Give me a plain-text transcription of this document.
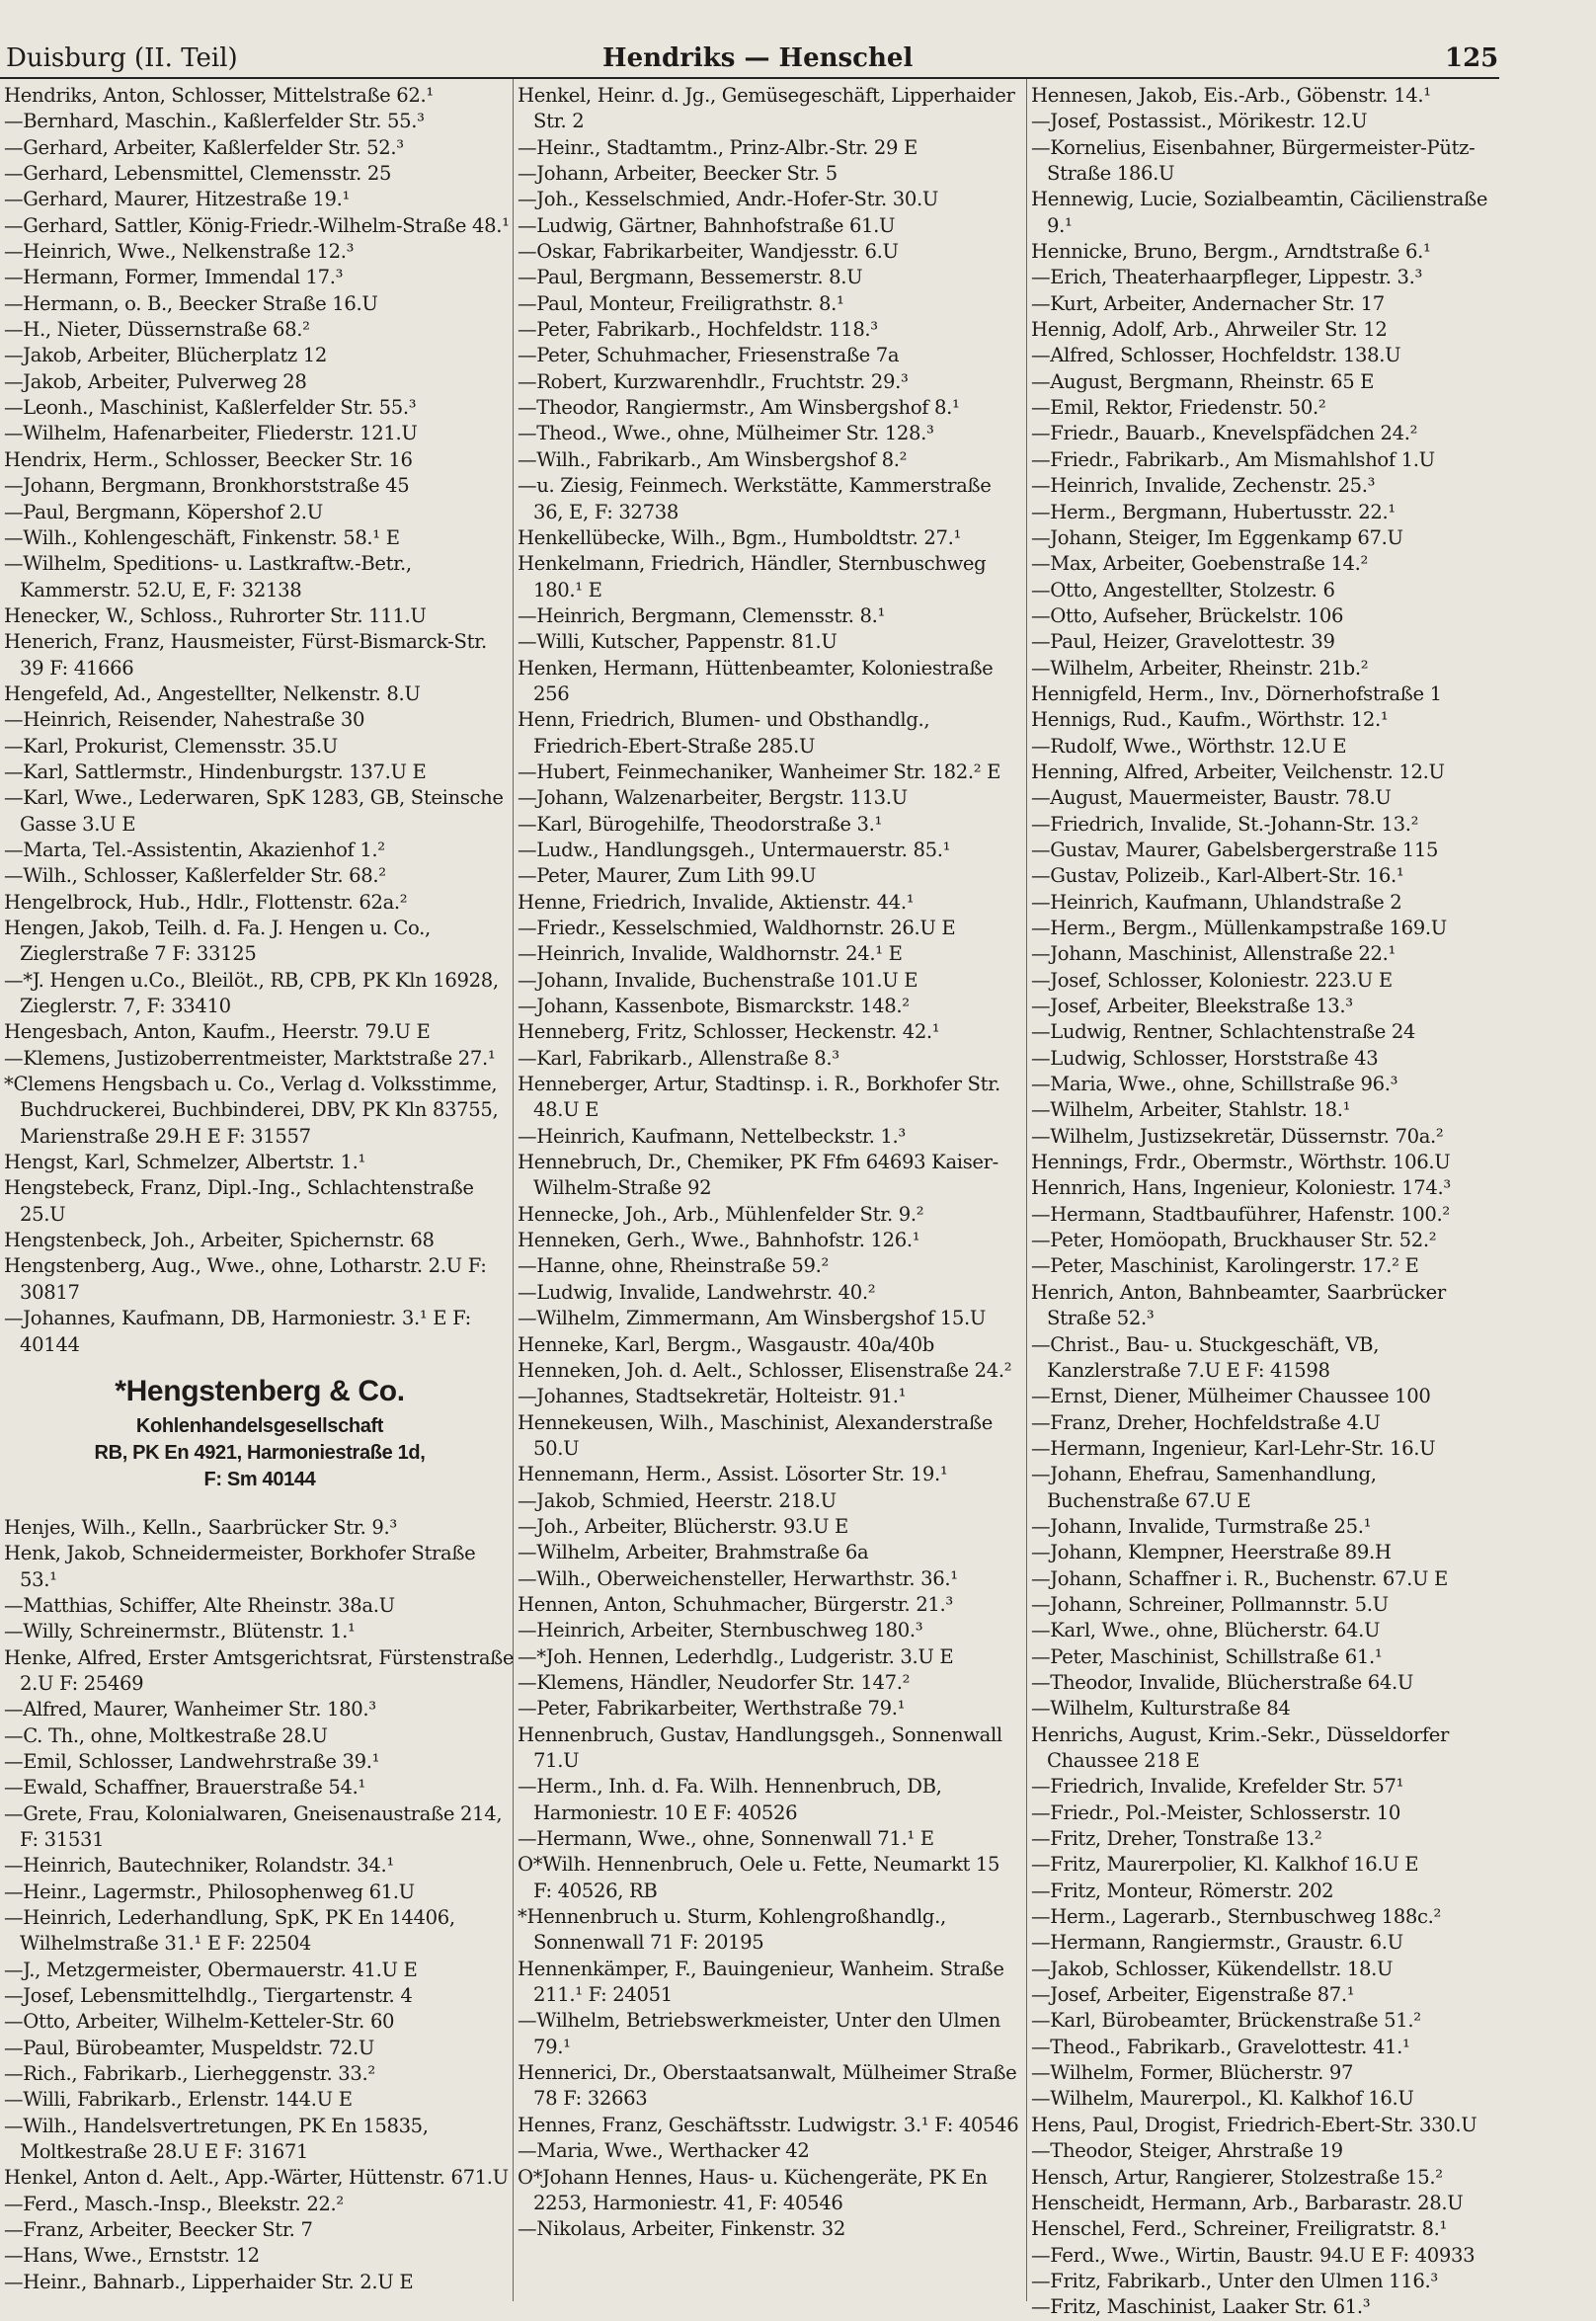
Duisburg (II. Teil)	Hendriks — Henschel	125
Hendriks, Anton, Schlosser, Mittelstraße 62.¹
—Bernhard, Maschin., Kaßlerfelder Str. 55.³
—Gerhard, Arbeiter, Kaßlerfelder Str. 52.³
—Gerhard, Lebensmittel, Clemensstr. 25
—Gerhard, Maurer, Hitzestraße 19.¹
—Gerhard, Sattler, König-Friedr.-Wilhelm-Straße 48.¹
—Heinrich, Wwe., Nelkenstraße 12.³
—Hermann, Former, Immendal 17.³
—Hermann, o. B., Beecker Straße 16.U
—H., Nieter, Düssernstraße 68.²
—Jakob, Arbeiter, Blücherplatz 12
—Jakob, Arbeiter, Pulverweg 28
—Leonh., Maschinist, Kaßlerfelder Str. 55.³
—Wilhelm, Hafenarbeiter, Fliederstr. 121.U
Hendrix, Herm., Schlosser, Beecker Str. 16
—Johann, Bergmann, Bronkhorststraße 45
—Paul, Bergmann, Köpershof 2.U
—Wilh., Kohlengeschäft, Finkenstr. 58.¹ E
—Wilhelm, Speditions- u. Lastkraftw.-Betr., Kammerstr. 52.U, E, F: 32138
Henecker, W., Schloss., Ruhrorter Str. 111.U
Henerich, Franz, Hausmeister, Fürst-Bismarck-Str. 39 F: 41666
Hengefeld, Ad., Angestellter, Nelkenstr. 8.U
—Heinrich, Reisender, Nahestraße 30
—Karl, Prokurist, Clemensstr. 35.U
—Karl, Sattlermstr., Hindenburgstr. 137.U E
—Karl, Wwe., Lederwaren, SpK 1283, GB, Steinsche Gasse 3.U E
—Marta, Tel.-Assistentin, Akazienhof 1.²
—Wilh., Schlosser, Kaßlerfelder Str. 68.²
Hengelbrock, Hub., Hdlr., Flottenstr. 62a.²
Hengen, Jakob, Teilh. d. Fa. J. Hengen u. Co., Zieglerstraße 7 F: 33125
—*J. Hengen u.Co., Bleilöt., RB, CPB, PK Kln 16928, Zieglerstr. 7, F: 33410
Hengesbach, Anton, Kaufm., Heerstr. 79.U E
—Klemens, Justizoberrentmeister, Marktstraße 27.¹
*Clemens Hengsbach u. Co., Verlag d. Volksstimme, Buchdruckerei, Buchbinderei, DBV, PK Kln 83755, Marienstraße 29.H E F: 31557
Hengst, Karl, Schmelzer, Albertstr. 1.¹
Hengstebeck, Franz, Dipl.-Ing., Schlachtenstraße 25.U
Hengstenbeck, Joh., Arbeiter, Spichernstr. 68
Hengstenberg, Aug., Wwe., ohne, Lotharstr. 2.U F: 30817
—Johannes, Kaufmann, DB, Harmoniestr. 3.¹ E F: 40144
*Hengstenberg & Co.
Kohlenhandelsgesellschaft
RB, PK En 4921, Harmoniestraße 1d,
F: Sm 40144
Henjes, Wilh., Kelln., Saarbrücker Str. 9.³
Henk, Jakob, Schneidermeister, Borkhofer Straße 53.¹
—Matthias, Schiffer, Alte Rheinstr. 38a.U
—Willy, Schreinermstr., Blütenstr. 1.¹
Henke, Alfred, Erster Amtsgerichtsrat, Fürstenstraße 2.U F: 25469
—Alfred, Maurer, Wanheimer Str. 180.³
—C. Th., ohne, Moltkestraße 28.U
—Emil, Schlosser, Landwehrstraße 39.¹
—Ewald, Schaffner, Brauerstraße 54.¹
—Grete, Frau, Kolonialwaren, Gneisenaustraße 214, F: 31531
—Heinrich, Bautechniker, Rolandstr. 34.¹
—Heinr., Lagermstr., Philosophenweg 61.U
—Heinrich, Lederhandlung, SpK, PK En 14406, Wilhelmstraße 31.¹ E F: 22504
—J., Metzgermeister, Obermauerstr. 41.U E
—Josef, Lebensmittelhdlg., Tiergartenstr. 4
—Otto, Arbeiter, Wilhelm-Ketteler-Str. 60
—Paul, Bürobeamter, Muspeldstr. 72.U
—Rich., Fabrikarb., Lierheggenstr. 33.²
—Willi, Fabrikarb., Erlenstr. 144.U E
—Wilh., Handelsvertretungen, PK En 15835, Moltkestraße 28.U E F: 31671
Henkel, Anton d. Aelt., App.-Wärter, Hüttenstr. 671.U
—Ferd., Masch.-Insp., Bleekstr. 22.²
—Franz, Arbeiter, Beecker Str. 7
—Hans, Wwe., Ernststr. 12
—Heinr., Bahnarb., Lipperhaider Str. 2.U E
Henkel, Heinr. d. Jg., Gemüsegeschäft, Lipperhaider Str. 2
—Heinr., Stadtamtm., Prinz-Albr.-Str. 29 E
—Johann, Arbeiter, Beecker Str. 5
—Joh., Kesselschmied, Andr.-Hofer-Str. 30.U
—Ludwig, Gärtner, Bahnhofstraße 61.U
—Oskar, Fabrikarbeiter, Wandjesstr. 6.U
—Paul, Bergmann, Bessemerstr. 8.U
—Paul, Monteur, Freiligrathstr. 8.¹
—Peter, Fabrikarb., Hochfeldstr. 118.³
—Peter, Schuhmacher, Friesenstraße 7a
—Robert, Kurzwarenhdlr., Fruchtstr. 29.³
—Theodor, Rangiermstr., Am Winsbergshof 8.¹
—Theod., Wwe., ohne, Mülheimer Str. 128.³
—Wilh., Fabrikarb., Am Winsbergshof 8.²
—u. Ziesig, Feinmech. Werkstätte, Kammerstraße 36, E, F: 32738
Henkellübecke, Wilh., Bgm., Humboldtstr. 27.¹
Henkelmann, Friedrich, Händler, Sternbuschweg 180.¹ E
—Heinrich, Bergmann, Clemensstr. 8.¹
—Willi, Kutscher, Pappenstr. 81.U
Henken, Hermann, Hüttenbeamter, Koloniestraße 256
Henn, Friedrich, Blumen- und Obsthandlg., Friedrich-Ebert-Straße 285.U
—Hubert, Feinmechaniker, Wanheimer Str. 182.² E
—Johann, Walzenarbeiter, Bergstr. 113.U
—Karl, Bürogehilfe, Theodorstraße 3.¹
—Ludw., Handlungsgeh., Untermauerstr. 85.¹
—Peter, Maurer, Zum Lith 99.U
Henne, Friedrich, Invalide, Aktienstr. 44.¹
—Friedr., Kesselschmied, Waldhornstr. 26.U E
—Heinrich, Invalide, Waldhornstr. 24.¹ E
—Johann, Invalide, Buchenstraße 101.U E
—Johann, Kassenbote, Bismarckstr. 148.²
Henneberg, Fritz, Schlosser, Heckenstr. 42.¹
—Karl, Fabrikarb., Allenstraße 8.³
Henneberger, Artur, Stadtinsp. i. R., Borkhofer Str. 48.U E
—Heinrich, Kaufmann, Nettelbeckstr. 1.³
Hennebruch, Dr., Chemiker, PK Ffm 64693 Kaiser-Wilhelm-Straße 92
Hennecke, Joh., Arb., Mühlenfelder Str. 9.²
Henneken, Gerh., Wwe., Bahnhofstr. 126.¹
—Hanne, ohne, Rheinstraße 59.²
—Ludwig, Invalide, Landwehrstr. 40.²
—Wilhelm, Zimmermann, Am Winsbergshof 15.U
Henneke, Karl, Bergm., Wasgaustr. 40a/40b
Henneken, Joh. d. Aelt., Schlosser, Elisenstraße 24.²
—Johannes, Stadtsekretär, Holteistr. 91.¹
Hennekeusen, Wilh., Maschinist, Alexanderstraße 50.U
Hennemann, Herm., Assist. Lösorter Str. 19.¹
—Jakob, Schmied, Heerstr. 218.U
—Joh., Arbeiter, Blücherstr. 93.U E
—Wilhelm, Arbeiter, Brahmstraße 6a
—Wilh., Oberweichensteller, Herwarthstr. 36.¹
Hennen, Anton, Schuhmacher, Bürgerstr. 21.³
—Heinrich, Arbeiter, Sternbuschweg 180.³
—*Joh. Hennen, Lederhdlg., Ludgeristr. 3.U E
—Klemens, Händler, Neudorfer Str. 147.²
—Peter, Fabrikarbeiter, Werthstraße 79.¹
Hennenbruch, Gustav, Handlungsgeh., Sonnenwall 71.U
—Herm., Inh. d. Fa. Wilh. Hennenbruch, DB, Harmoniestr. 10 E F: 40526
—Hermann, Wwe., ohne, Sonnenwall 71.¹ E
O*Wilh. Hennenbruch, Oele u. Fette, Neumarkt 15 F: 40526, RB
*Hennenbruch u. Sturm, Kohlengroßhandlg., Sonnenwall 71 F: 20195
Hennenkämper, F., Bauingenieur, Wanheim. Straße 211.¹ F: 24051
—Wilhelm, Betriebswerkmeister, Unter den Ulmen 79.¹
Hennerici, Dr., Oberstaatsanwalt, Mülheimer Straße 78 F: 32663
Hennes, Franz, Geschäftsstr. Ludwigstr. 3.¹ F: 40546
—Maria, Wwe., Werthacker 42
O*Johann Hennes, Haus- u. Küchengeräte, PK En 2253, Harmoniestr. 41, F: 40546
—Nikolaus, Arbeiter, Finkenstr. 32
Hennesen, Jakob, Eis.-Arb., Göbenstr. 14.¹
—Josef, Postassist., Mörikestr. 12.U
—Kornelius, Eisenbahner, Bürgermeister-Pütz-Straße 186.U
Hennewig, Lucie, Sozialbeamtin, Cäcilienstraße 9.¹
Hennicke, Bruno, Bergm., Arndtstraße 6.¹
—Erich, Theaterhaarpfleger, Lippestr. 3.³
—Kurt, Arbeiter, Andernacher Str. 17
Hennig, Adolf, Arb., Ahrweiler Str. 12
—Alfred, Schlosser, Hochfeldstr. 138.U
—August, Bergmann, Rheinstr. 65 E
—Emil, Rektor, Friedenstr. 50.²
—Friedr., Bauarb., Knevelspfädchen 24.²
—Friedr., Fabrikarb., Am Mismahlshof 1.U
—Heinrich, Invalide, Zechenstr. 25.³
—Herm., Bergmann, Hubertusstr. 22.¹
—Johann, Steiger, Im Eggenkamp 67.U
—Max, Arbeiter, Goebenstraße 14.²
—Otto, Angestellter, Stolzestr. 6
—Otto, Aufseher, Brückelstr. 106
—Paul, Heizer, Gravelottestr. 39
—Wilhelm, Arbeiter, Rheinstr. 21b.²
Hennigfeld, Herm., Inv., Dörnerhofstraße 1
Hennigs, Rud., Kaufm., Wörthstr. 12.¹
—Rudolf, Wwe., Wörthstr. 12.U E
Henning, Alfred, Arbeiter, Veilchenstr. 12.U
—August, Mauermeister, Baustr. 78.U
—Friedrich, Invalide, St.-Johann-Str. 13.²
—Gustav, Maurer, Gabelsbergerstraße 115
—Gustav, Polizeib., Karl-Albert-Str. 16.¹
—Heinrich, Kaufmann, Uhlandstraße 2
—Herm., Bergm., Müllenkampstraße 169.U
—Johann, Maschinist, Allenstraße 22.¹
—Josef, Schlosser, Koloniestr. 223.U E
—Josef, Arbeiter, Bleekstraße 13.³
—Ludwig, Rentner, Schlachtenstraße 24
—Ludwig, Schlosser, Horststraße 43
—Maria, Wwe., ohne, Schillstraße 96.³
—Wilhelm, Arbeiter, Stahlstr. 18.¹
—Wilhelm, Justizsekretär, Düssernstr. 70a.²
Hennings, Frdr., Obermstr., Wörthstr. 106.U
Hennrich, Hans, Ingenieur, Koloniestr. 174.³
—Hermann, Stadtbauführer, Hafenstr. 100.²
—Peter, Homöopath, Bruckhauser Str. 52.²
—Peter, Maschinist, Karolingerstr. 17.² E
Henrich, Anton, Bahnbeamter, Saarbrücker Straße 52.³
—Christ., Bau- u. Stuckgeschäft, VB, Kanzlerstraße 7.U E F: 41598
—Ernst, Diener, Mülheimer Chaussee 100
—Franz, Dreher, Hochfeldstraße 4.U
—Hermann, Ingenieur, Karl-Lehr-Str. 16.U
—Johann, Ehefrau, Samenhandlung, Buchenstraße 67.U E
—Johann, Invalide, Turmstraße 25.¹
—Johann, Klempner, Heerstraße 89.H
—Johann, Schaffner i. R., Buchenstr. 67.U E
—Johann, Schreiner, Pollmannstr. 5.U
—Karl, Wwe., ohne, Blücherstr. 64.U
—Peter, Maschinist, Schillstraße 61.¹
—Theodor, Invalide, Blücherstraße 64.U
—Wilhelm, Kulturstraße 84
Henrichs, August, Krim.-Sekr., Düsseldorfer Chaussee 218 E
—Friedrich, Invalide, Krefelder Str. 57¹
—Friedr., Pol.-Meister, Schlosserstr. 10
—Fritz, Dreher, Tonstraße 13.²
—Fritz, Maurerpolier, Kl. Kalkhof 16.U E
—Fritz, Monteur, Römerstr. 202
—Herm., Lagerarb., Sternbuschweg 188c.²
—Hermann, Rangiermstr., Graustr. 6.U
—Jakob, Schlosser, Kükendellstr. 18.U
—Josef, Arbeiter, Eigenstraße 87.¹
—Karl, Bürobeamter, Brückenstraße 51.²
—Theod., Fabrikarb., Gravelottestr. 41.¹
—Wilhelm, Former, Blücherstr. 97
—Wilhelm, Maurerpol., Kl. Kalkhof 16.U
Hens, Paul, Drogist, Friedrich-Ebert-Str. 330.U
—Theodor, Steiger, Ahrstraße 19
Hensch, Artur, Rangierer, Stolzestraße 15.²
Henscheidt, Hermann, Arb., Barbarastr. 28.U
Henschel, Ferd., Schreiner, Freiligratstr. 8.¹
—Ferd., Wwe., Wirtin, Baustr. 94.U E F: 40933
—Fritz, Fabrikarb., Unter den Ulmen 116.³
—Fritz, Maschinist, Laaker Str. 61.³
